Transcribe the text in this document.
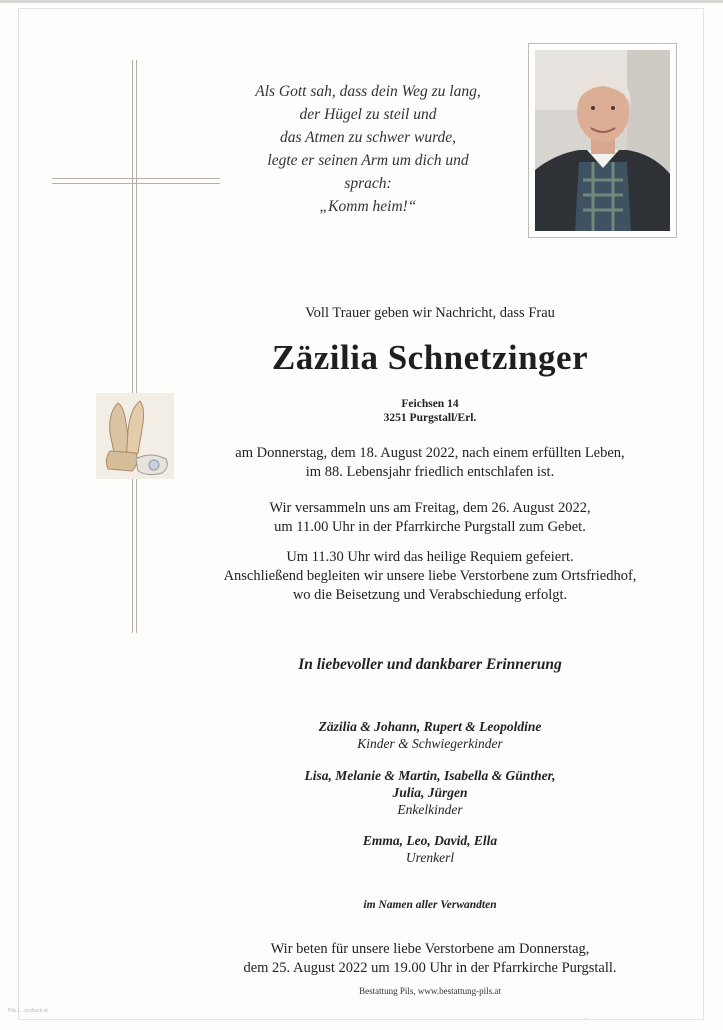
Als Gott sah, dass dein Weg zu lang,
der Hügel zu steil und
das Atmen zu schwer wurde,
legte er seinen Arm um dich und
sprach:
„Komm heim!“
Voll Trauer geben wir Nachricht, dass Frau
Zäzilia Schnetzinger
Feichsen 14
3251 Purgstall/Erl.
am Donnerstag, dem 18. August 2022, nach einem erfüllten Leben,
im 88. Lebensjahr friedlich entschlafen ist.
Wir versammeln uns am Freitag, dem 26. August 2022,
um 11.00 Uhr in der Pfarrkirche Purgstall zum Gebet.
Um 11.30 Uhr wird das heilige Requiem gefeiert.
Anschließend begleiten wir unsere liebe Verstorbene zum Ortsfriedhof,
wo die Beisetzung und Verabschiedung erfolgt.
In liebevoller und dankbarer Erinnerung
Zäzilia & Johann, Rupert & Leopoldine
Kinder & Schwiegerkinder
Lisa, Melanie & Martin, Isabella & Günther,
Julia, Jürgen
Enkelkinder
Emma, Leo, David, Ella
Urenkerl
im Namen aller Verwandten
Wir beten für unsere liebe Verstorbene am Donnerstag,
dem 25. August 2022 um 19.00 Uhr in der Pfarrkirche Purgstall.
Bestattung Pils, www.bestattung-pils.at
Pils L...ondruck.at
'
